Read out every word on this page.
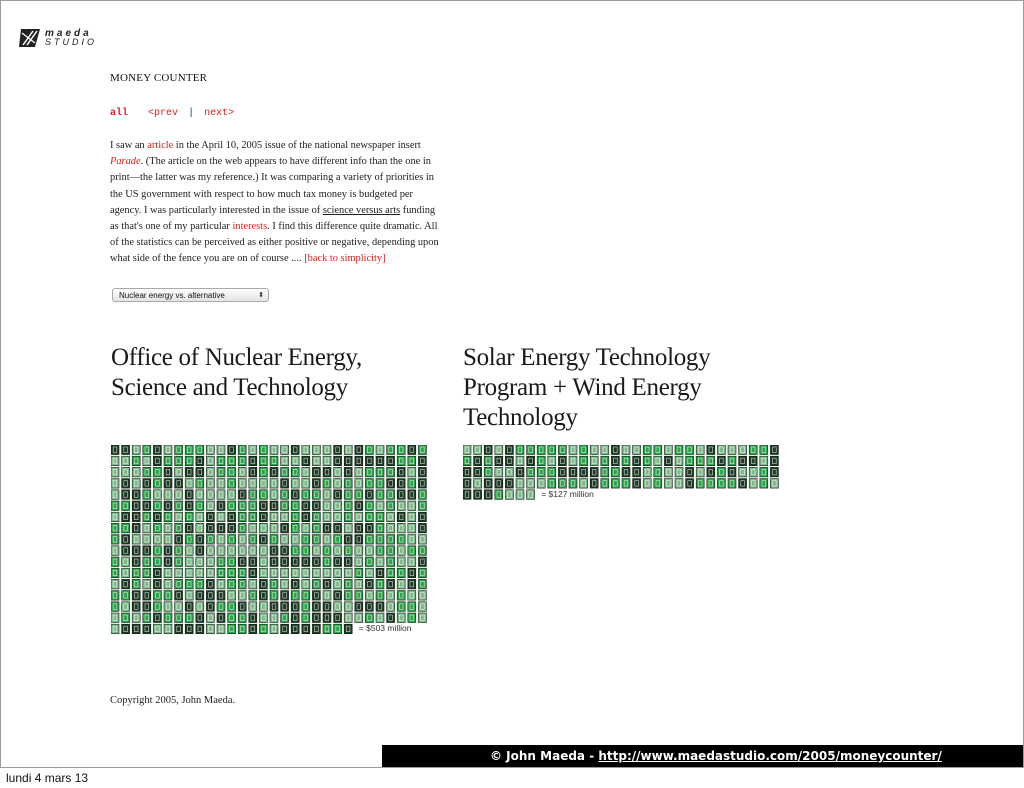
maeda
STUDIO
MONEY COUNTER
all <prev | next>

I saw an article in the April 10, 2005 issue of the national newspaper insert Parade. (The article on the web appears to have different info than the one in print—the latter was my reference.) It was comparing a variety of priorities in the US government with respect to how much tax money is budgeted per agency. I was particularly interested in the issue of science versus arts funding as that's one of my particular interests. I find this difference quite dramatic. All of the statistics can be perceived as either positive or negative, depending upon what side of the fence you are on of course .... [back to simplicity]

Nuclear energy vs. alternative	⬍
Office of Nuclear Energy,
Science and Technology
Solar Energy Technology
Program + Wind Energy
Technology
= $503 million
= $127 million
Copyright 2005, John Maeda.
© John Maeda - http://www.maedastudio.com/2005/moneycounter/
lundi 4 mars 13
